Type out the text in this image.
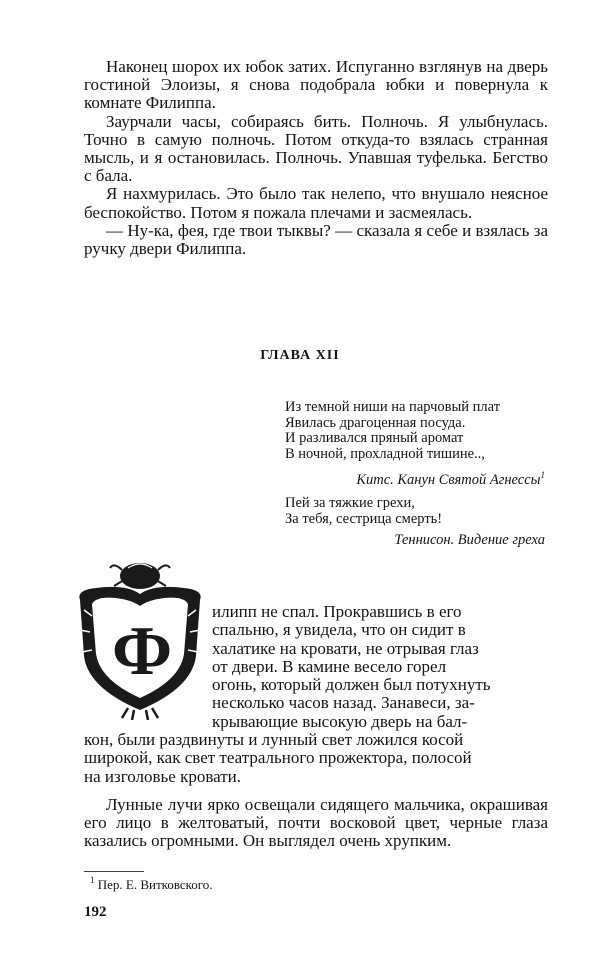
Наконец шорох их юбок затих. Испуганно взглянув на дверь гостиной Элоизы, я снова подобрала юбки и повернула к комнате Филиппа.

Заурчали часы, собираясь бить. Полночь. Я улыбнулась. Точно в самую полночь. Потом откуда-то взялась странная мысль, и я остановилась. Полночь. Упавшая туфелька. Бегство с бала.

Я нахмурилась. Это было так нелепо, что внушало неясное беспокойство. Потом я пожала плечами и засмеялась.

— Ну-ка, фея, где твои тыквы? — сказала я себе и взялась за ручку двери Филиппа.

ГЛАВА XII
Из темной ниши на парчовый плат
Явилась драгоценная посуда.
И разливался пряный аромат
В ночной, прохладной тишине..,
Китс. Канун Святой Агнессы$^1$
Пей за тяжкие грехи,
За тебя, сестрица смерть!
Теннисон. Видение греха
Ф
илипп не спал. Прокравшись в его
спальню, я увидела, что он сидит в
халатике на кровати, не отрывая глаз
от двери. В камине весело горел
огонь, который должен был потухнуть
несколько часов назад. Занавеси, за-
крывающие высокую дверь на бал-
кон, были раздвинуты и лунный свет ложился косой
широкой, как свет театрального прожектора, полосой
на изголовье кровати.

Лунные лучи ярко освещали сидящего мальчика, окрашивая его лицо в желтоватый, почти восковой цвет, черные глаза казались огромными. Он выглядел очень хрупким.

$^1$ Пер. Е. Витковского.
192
